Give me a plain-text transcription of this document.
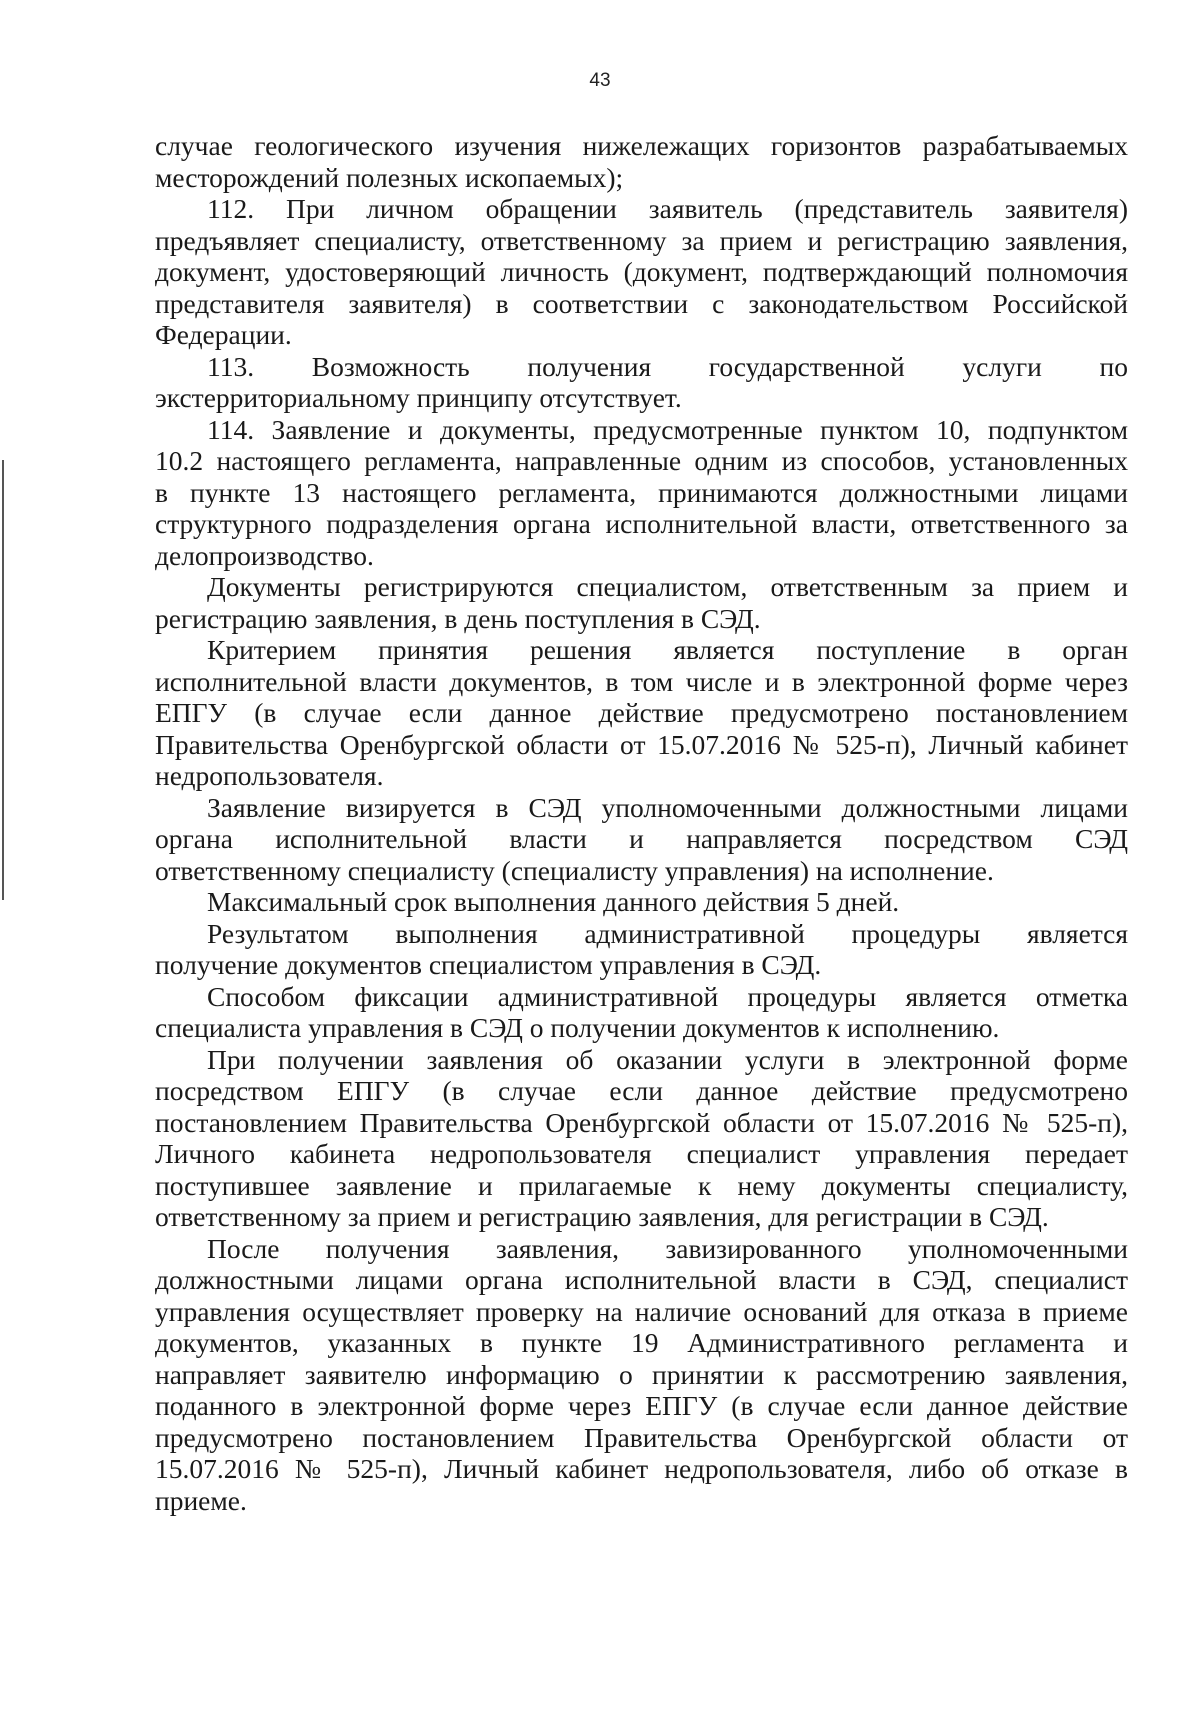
43
случае геологического изучения нижележащих горизонтов разрабатываемых
месторождений полезных ископаемых);
112. При личном обращении заявитель (представитель заявителя)
предъявляет специалисту, ответственному за прием и регистрацию заявления,
документ, удостоверяющий личность (документ, подтверждающий полномочия
представителя заявителя) в соответствии с законодательством Российской
Федерации.
113. Возможность получения государственной услуги по
экстерриториальному принципу отсутствует.
114. Заявление и документы, предусмотренные пунктом 10, подпунктом
10.2 настоящего регламента, направленные одним из способов, установленных
в пункте 13 настоящего регламента, принимаются должностными лицами
структурного подразделения органа исполнительной власти, ответственного за
делопроизводство.
Документы регистрируются специалистом, ответственным за прием и
регистрацию заявления, в день поступления в СЭД.
Критерием принятия решения является поступление в орган
исполнительной власти документов, в том числе и в электронной форме через
ЕПГУ (в случае если данное действие предусмотрено постановлением
Правительства Оренбургской области от 15.07.2016 № 525-п), Личный кабинет
недропользователя.
Заявление визируется в СЭД уполномоченными должностными лицами
органа исполнительной власти и направляется посредством СЭД
ответственному специалисту (специалисту управления) на исполнение.
Максимальный срок выполнения данного действия 5 дней.
Результатом выполнения административной процедуры является
получение документов специалистом управления в СЭД.
Способом фиксации административной процедуры является отметка
специалиста управления в СЭД о получении документов к исполнению.
При получении заявления об оказании услуги в электронной форме
посредством ЕПГУ (в случае если данное действие предусмотрено
постановлением Правительства Оренбургской области от 15.07.2016 № 525-п),
Личного кабинета недропользователя специалист управления передает
поступившее заявление и прилагаемые к нему документы специалисту,
ответственному за прием и регистрацию заявления, для регистрации в СЭД.
После получения заявления, завизированного уполномоченными
должностными лицами органа исполнительной власти в СЭД, специалист
управления осуществляет проверку на наличие оснований для отказа в приеме
документов, указанных в пункте 19 Административного регламента и
направляет заявителю информацию о принятии к рассмотрению заявления,
поданного в электронной форме через ЕПГУ (в случае если данное действие
предусмотрено постановлением Правительства Оренбургской области от
15.07.2016 № 525-п), Личный кабинет недропользователя, либо об отказе в
приеме.
